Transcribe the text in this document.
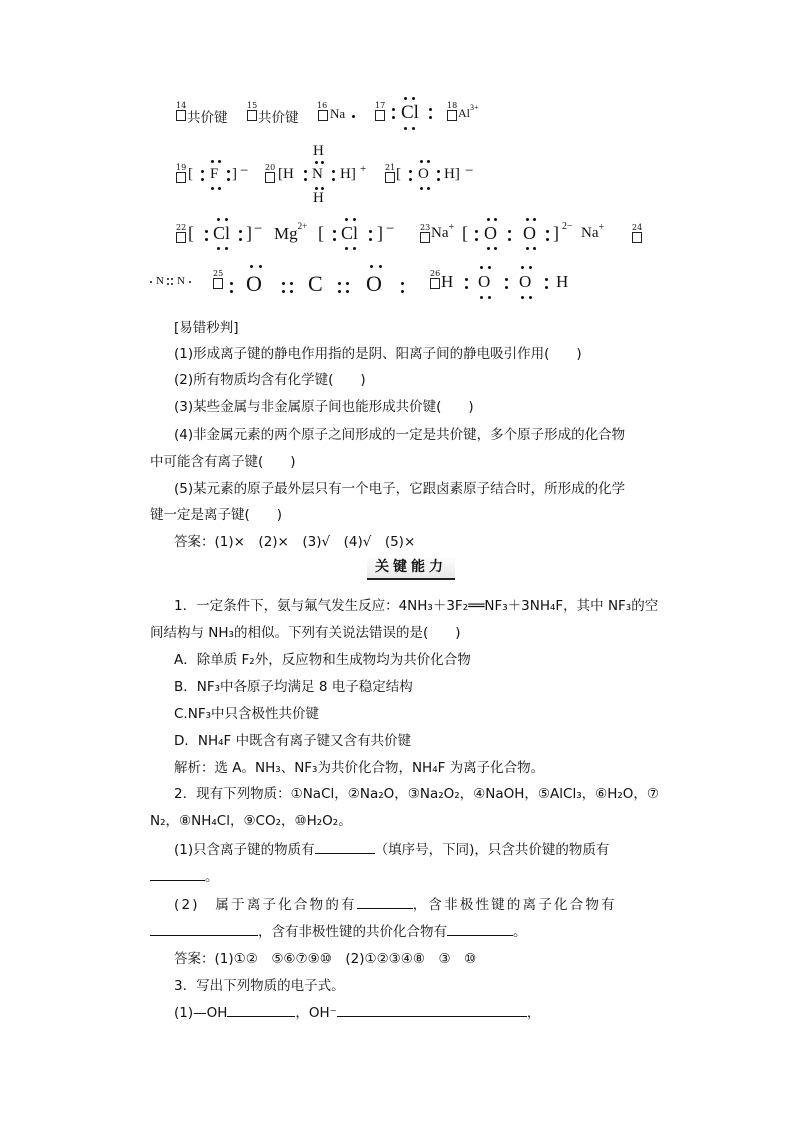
14
共价键
15
共价键
16
Na
17 Cl	18
$Al^{3+}$
19 [ F ] − 20 [H
H
N
H
H] + 21 [ O H] −
22 [ Cl ] − $Mg^{2+}$ [ Cl ] −	23 Na+ [ O O ] 2− Na+	24
N N
25 O C O	26 H O O H
[易错秒判]
(1)形成离子键的静电作用指的是阴、阳离子间的静电吸引作用(　　)
(2)所有物质均含有化学键(　　)
(3)某些金属与非金属原子间也能形成共价键(　　)
(4)非金属元素的两个原子之间形成的一定是共价键，多个原子形成的化合物
中可能含有离子键(　　)
(5)某元素的原子最外层只有一个电子，它跟卤素原子结合时，所形成的化学
键一定是离子键(　　)
答案：(1)×　(2)×　(3)√　(4)√　(5)×
关键能力
1．一定条件下，氨与氟气发生反应：4NH₃＋3F₂══NF₃＋3NH₄F，其中 NF₃的空
间结构与 NH₃的相似。下列有关说法错误的是(　　)
A．除单质 F₂外，反应物和生成物均为共价化合物
B．NF₃中各原子均满足 8 电子稳定结构
C.NF₃中只含极性共价键
D．NH₄F 中既含有离子键又含有共价键
解析：选 A。NH₃、NF₃为共价化合物，NH₄F 为离子化合物。
2．现有下列物质：①NaCl，②Na₂O，③Na₂O₂，④NaOH，⑤AlCl₃，⑥H₂O，⑦
N₂，⑧NH₄Cl，⑨CO₂，⑩H₂O₂。
(1)只含离子键的物质有	（填序号，下同)，只含共价键的物质有
。
(2)　属于离子化合物的有	，含非极性键的离子化合物有
，含有非极性键的共价化合物有	。
答案：(1)①②　⑤⑥⑦⑨⑩　(2)①②③④⑧　③　⑩
3．写出下列物质的电子式。
(1)—OH	，OH⁻	，
